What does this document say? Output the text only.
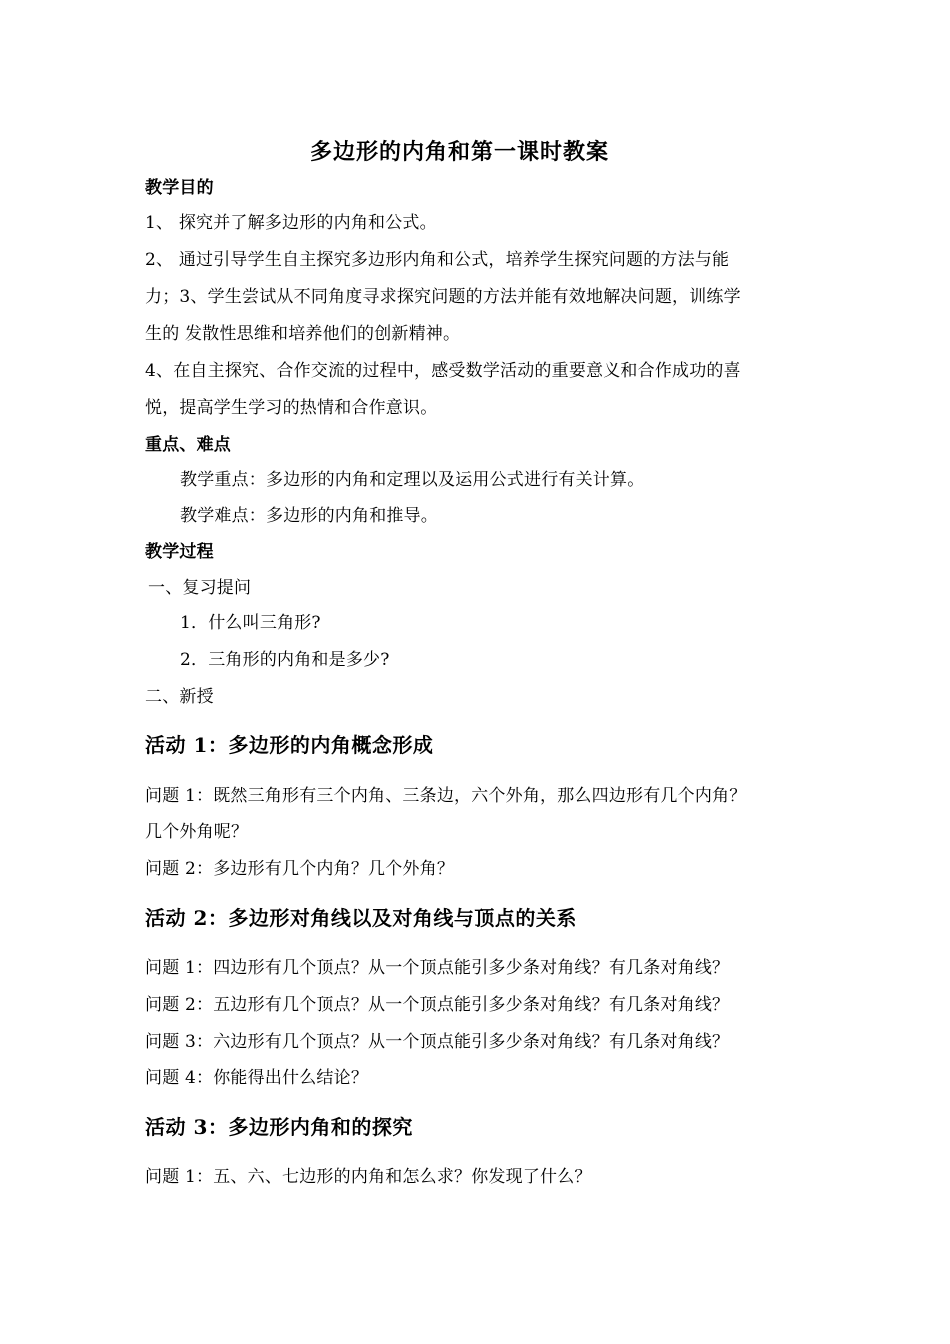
多边形的内角和第一课时教案
教学目的
1、 探究并了解多边形的内角和公式。
2、 通过引导学生自主探究多边形内角和公式，培养学生探究问题的方法与能
力；3、学生尝试从不同角度寻求探究问题的方法并能有效地解决问题，训练学
生的 发散性思维和培养他们的创新精神。
4、在自主探究、合作交流的过程中，感受数学活动的重要意义和合作成功的喜
悦，提高学生学习的热情和合作意识。
重点、难点
教学重点：多边形的内角和定理以及运用公式进行有关计算。
教学难点：多边形的内角和推导。
教学过程
一、复习提问
1．什么叫三角形?
2．三角形的内角和是多少?
二、新授
活动 1：多边形的内角概念形成
问题 1：既然三角形有三个内角、三条边，六个外角，那么四边形有几个内角？
几个外角呢？
问题 2：多边形有几个内角？几个外角？
活动 2：多边形对角线以及对角线与顶点的关系
问题 1：四边形有几个顶点？从一个顶点能引多少条对角线？有几条对角线？
问题 2：五边形有几个顶点？从一个顶点能引多少条对角线？有几条对角线？
问题 3：六边形有几个顶点？从一个顶点能引多少条对角线？有几条对角线？
问题 4：你能得出什么结论？
活动 3：多边形内角和的探究
问题 1：五、六、七边形的内角和怎么求？你发现了什么？
